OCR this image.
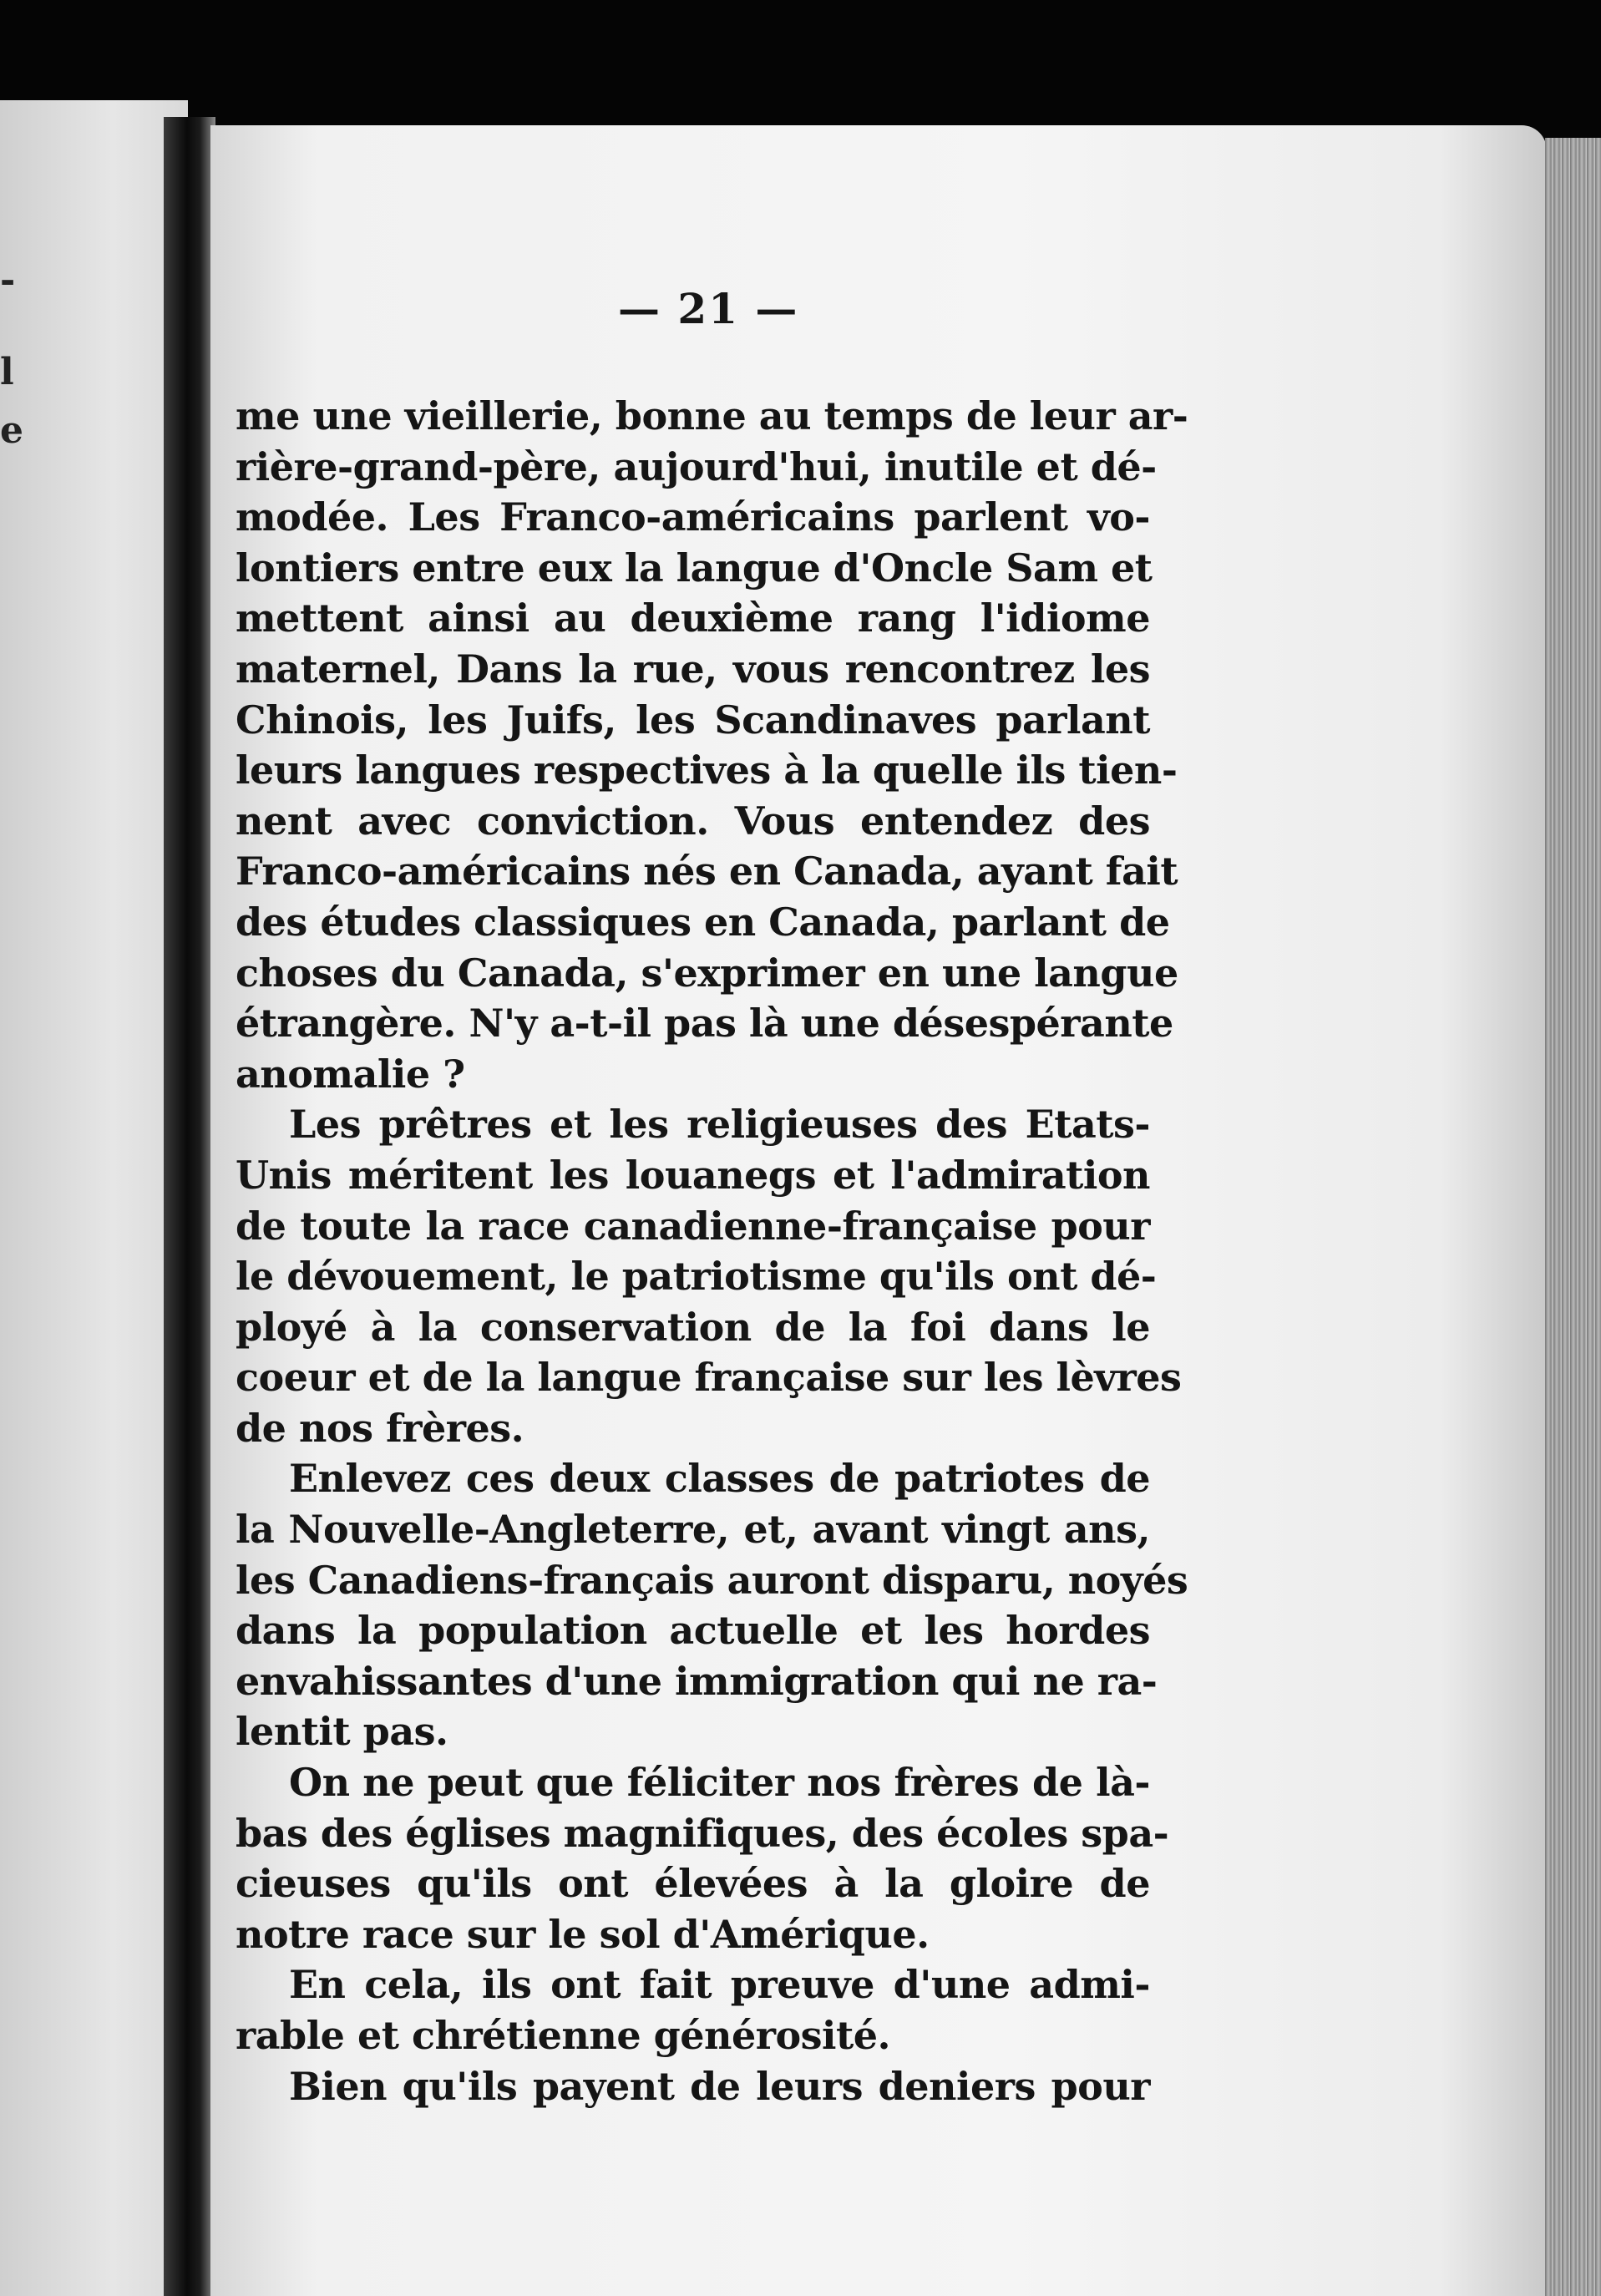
-
l
e
— 21 —
me une vieillerie, bonne au temps de leur ar-
rière-grand-père, aujourd'hui, inutile et dé-
modée. Les Franco-américains parlent vo-
lontiers entre eux la langue d'Oncle Sam et
mettent ainsi au deuxième rang l'idiome
maternel, Dans la rue, vous rencontrez les
Chinois, les Juifs, les Scandinaves parlant
leurs langues respectives à la quelle ils tien-
nent avec conviction. Vous entendez des
Franco-américains nés en Canada, ayant fait
des études classiques en Canada, parlant de
choses du Canada, s'exprimer en une langue
étrangère. N'y a-t-il pas là une désespérante
anomalie ?
Les prêtres et les religieuses des Etats-
Unis méritent les louanegs et l'admiration
de toute la race canadienne-française pour
le dévouement, le patriotisme qu'ils ont dé-
ployé à la conservation de la foi dans le
coeur et de la langue française sur les lèvres
de nos frères.
Enlevez ces deux classes de patriotes de
la Nouvelle-Angleterre, et, avant vingt ans,
les Canadiens-français auront disparu, noyés
dans la population actuelle et les hordes
envahissantes d'une immigration qui ne ra-
lentit pas.
On ne peut que féliciter nos frères de là-
bas des églises magnifiques, des écoles spa-
cieuses qu'ils ont élevées à la gloire de
notre race sur le sol d'Amérique.
En cela, ils ont fait preuve d'une admi-
rable et chrétienne générosité.
Bien qu'ils payent de leurs deniers pour
